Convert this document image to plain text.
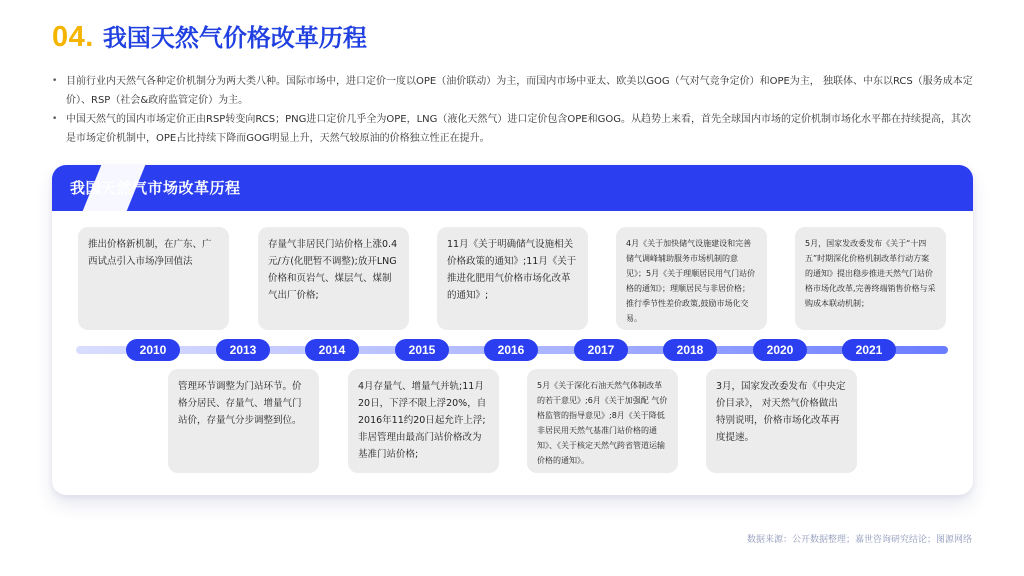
04. 我国天然气价格改革历程
• 目前行业内天然气各种定价机制分为两大类八种。国际市场中，进口定价一度以OPE（油价联动）为主，而国内市场中亚太、欧美以GOG（气对气竞争定价）和OPE为主， 独联体、中东以RCS（服务成本定价）、RSP（社会&政府监管定价）为主。
• 中国天然气的国内市场定价正由RSP转变向RCS；PNG进口定价几乎全为OPE，LNG（液化天然气）进口定价包含OPE和GOG。从趋势上来看，首先全球国内市场的定价机制市场化水平都在持续提高，其次是市场定价机制中，OPE占比持续下降而GOG明显上升，天然气较原油的价格独立性正在提升。
我国天然气市场改革历程
2010	2013	2014	2015	2016	2017	2018	2020	2021
推出价格新机制，在广东、广西试点引入市场净回值法
管理环节调整为门站环节。价格分居民、存量气、增量气门站价，存量气分步调整到位。
存量气非居民门站价格上涨0.4元/方(化肥暂不调整);放开LNG价格和页岩气、煤层气、煤制气出厂价格;
4月存量气、增量气并轨;11月20日，下浮不限上浮20%，自 2016年11约20日起允许上浮;非居管理由最高门站价格改为基准门站价格;
11月《关于明确储气设施相关价格政策的通知》;11月《关于推进化肥用气价格市场化改革的通知》;
5月《关于深化石油天然气体制改革的若干意见》;6月《关于加强配 气价格监管的指导意见》;8月《关于降低非居民用天然气基准门站价格的通知》、《关于核定天然气跨省管道运输价格的通知》。
4月《关于加快储气设施建设和完善储气调峰辅助服务市场机制的意见》；5月《关于理顺居民用气门站价格的通知》；理顺居民与非居价格；推行季节性差价政策,鼓励市场化交易。
3月，国家发改委发布《中央定价目录》， 对天然气价格做出特别说明，价格市场化改革再度提速。
5月，国家发改委发布《关于“十四五”时期深化价格机制改革行动方案的通知》提出稳步推进天然气门站价格市场化改革,完善终端销售价格与采购成本联动机制；
数据来源：公开数据整理；嘉世咨询研究结论；图源网络
